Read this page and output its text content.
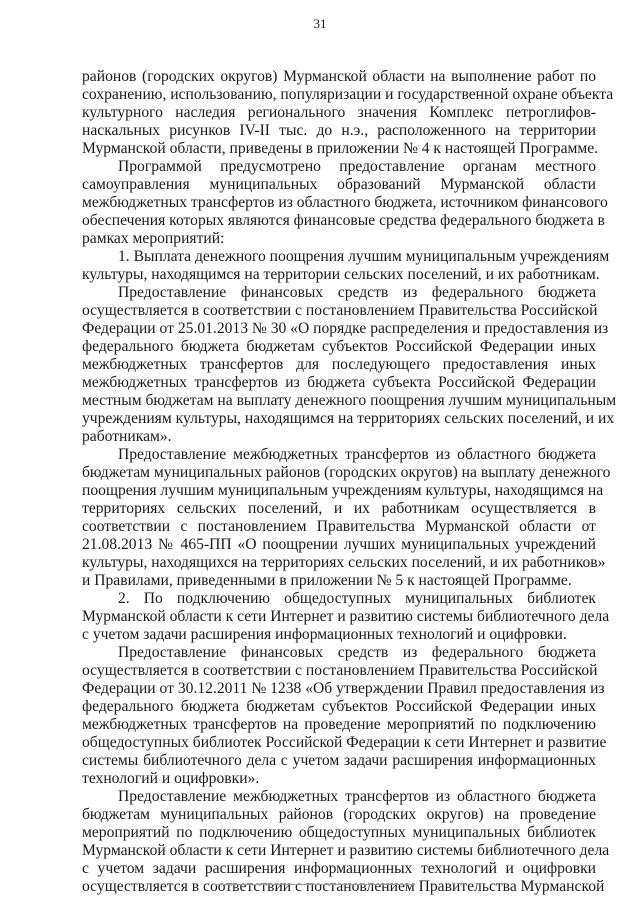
31
районов (городских округов) Мурманской области на выполнение работ по
сохранению, использованию, популяризации и государственной охране объекта
культурного наследия регионального значения Комплекс петроглифов-
наскальных рисунков IV-II тыс. до н.э., расположенного на территории
Мурманской области, приведены в приложении № 4 к настоящей Программе.
Программой предусмотрено предоставление органам местного
самоуправления муниципальных образований Мурманской области
межбюджетных трансфертов из областного бюджета, источником финансового
обеспечения которых являются финансовые средства федерального бюджета в
рамках мероприятий:
1. Выплата денежного поощрения лучшим муниципальным учреждениям
культуры, находящимся на территории сельских поселений, и их работникам.
Предоставление финансовых средств из федерального бюджета
осуществляется в соответствии с постановлением Правительства Российской
Федерации от 25.01.2013 № 30 «О порядке распределения и предоставления из
федерального бюджета бюджетам субъектов Российской Федерации иных
межбюджетных трансфертов для последующего предоставления иных
межбюджетных трансфертов из бюджета субъекта Российской Федерации
местным бюджетам на выплату денежного поощрения лучшим муниципальным
учреждениям культуры, находящимся на территориях сельских поселений, и их
работникам».
Предоставление межбюджетных трансфертов из областного бюджета
бюджетам муниципальных районов (городских округов) на выплату денежного
поощрения лучшим муниципальным учреждениям культуры, находящимся на
территориях сельских поселений, и их работникам осуществляется в
соответствии с постановлением Правительства Мурманской области от
21.08.2013 № 465-ПП «О поощрении лучших муниципальных учреждений
культуры, находящихся на территориях сельских поселений, и их работников»
и Правилами, приведенными в приложении № 5 к настоящей Программе.
2. По подключению общедоступных муниципальных библиотек
Мурманской области к сети Интернет и развитию системы библиотечного дела
с учетом задачи расширения информационных технологий и оцифровки.
Предоставление финансовых средств из федерального бюджета
осуществляется в соответствии с постановлением Правительства Российской
Федерации от 30.12.2011 № 1238 «Об утверждении Правил предоставления из
федерального бюджета бюджетам субъектов Российской Федерации иных
межбюджетных трансфертов на проведение мероприятий по подключению
общедоступных библиотек Российской Федерации к сети Интернет и развитие
системы библиотечного дела с учетом задачи расширения информационных
технологий и оцифровки».
Предоставление межбюджетных трансфертов из областного бюджета
бюджетам муниципальных районов (городских округов) на проведение
мероприятий по подключению общедоступных муниципальных библиотек
Мурманской области к сети Интернет и развитию системы библиотечного дела
с учетом задачи расширения информационных технологий и оцифровки
осуществляется в соответствии с постановлением Правительства Мурманской
